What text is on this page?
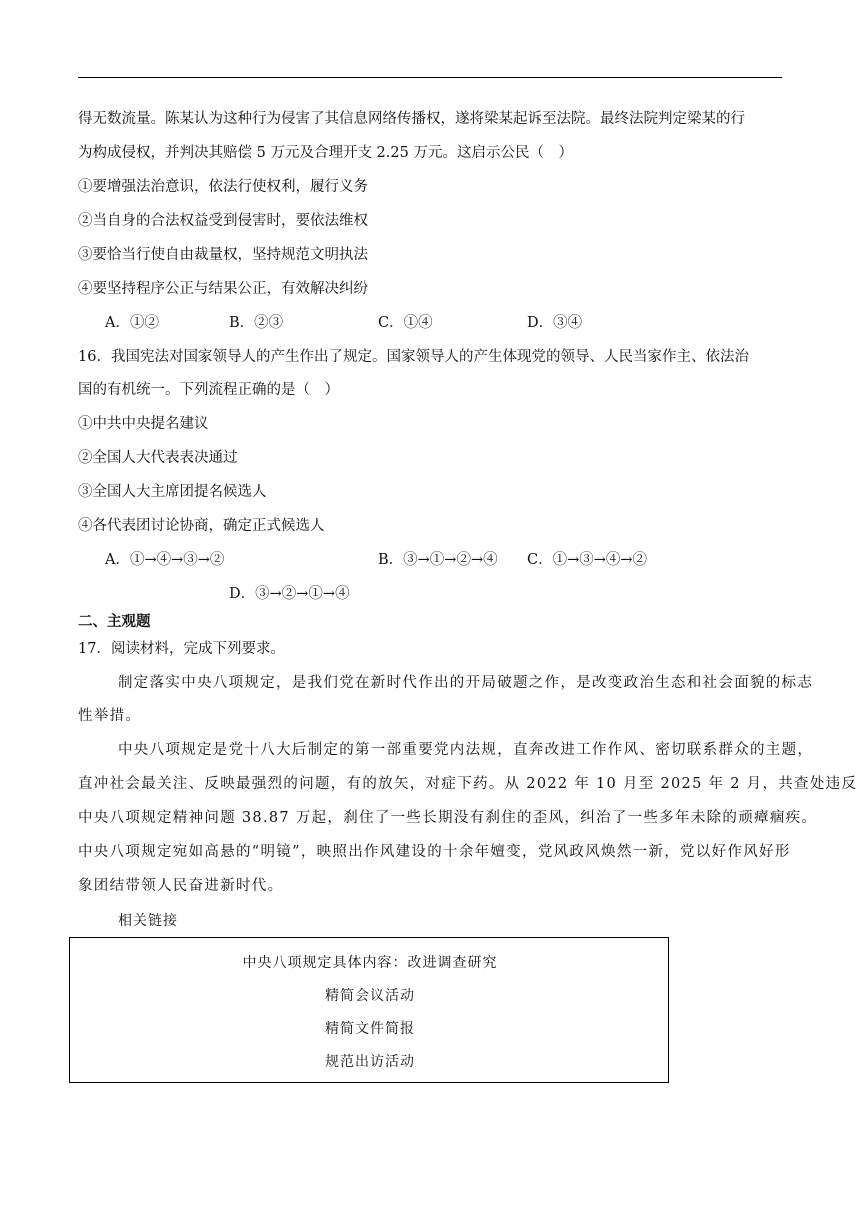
得无数流量。陈某认为这种行为侵害了其信息网络传播权，遂将梁某起诉至法院。最终法院判定梁某的行
为构成侵权，并判决其赔偿 5 万元及合理开支 2.25 万元。这启示公民（　）
①要增强法治意识，依法行使权利，履行义务
②当自身的合法权益受到侵害时，要依法维权
③要恰当行使自由裁量权，坚持规范文明执法
④要坚持程序公正与结果公正，有效解决纠纷
A．①②	B．②③	C．①④	D．③④
16．我国宪法对国家领导人的产生作出了规定。国家领导人的产生体现党的领导、人民当家作主、依法治
国的有机统一。下列流程正确的是（　）
①中共中央提名建议
②全国人大代表表决通过
③全国人大主席团提名候选人
④各代表团讨论协商，确定正式候选人
A．①→④→③→②	B．③→①→②→④ C．①→③→④→②
D．③→②→①→④
二、主观题
17．阅读材料，完成下列要求。
制定落实中央八项规定，是我们党在新时代作出的开局破题之作，是改变政治生态和社会面貌的标志
性举措。
中央八项规定是党十八大后制定的第一部重要党内法规，直奔改进工作作风、密切联系群众的主题，
直冲社会最关注、反映最强烈的问题，有的放矢，对症下药。从 2022 年 10 月至 2025 年 2 月，共查处违反
中央八项规定精神问题 38.87 万起，刹住了一些长期没有刹住的歪风，纠治了一些多年未除的顽瘴痼疾。
中央八项规定宛如高悬的“明镜”，映照出作风建设的十余年嬗变，党风政风焕然一新，党以好作风好形
象团结带领人民奋进新时代。
相关链接
中央八项规定具体内容：改进调查研究
精简会议活动
精简文件简报
规范出访活动
